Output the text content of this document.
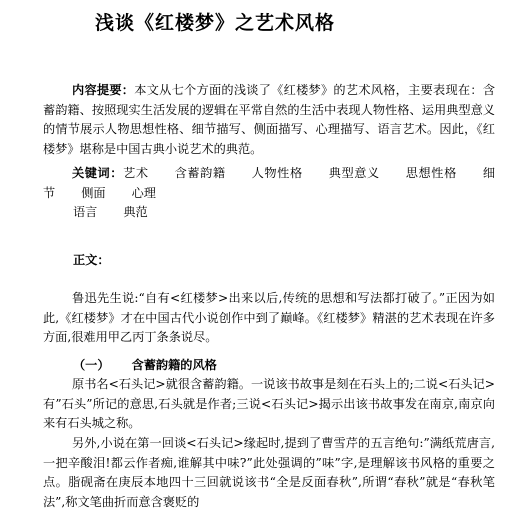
浅谈《红楼梦》之艺术风格
内容提要：本文从七个方面的浅谈了《红楼梦》的艺术风格，主要表现在：含蓄韵籍、按照现实生活发展的逻辑在平常自然的生活中表现人物性格、运用典型意义的情节展示人物思想性格、细节描写、侧面描写、心理描写、语言艺术。因此，《红楼梦》堪称是中国古典小说艺术的典范。
关键词：艺术 含蓄韵籍 人物性格 典型意义 思想性格 细节 侧面 心理
语言 典范
正文：
鲁迅先生说:“自有<红楼梦>出来以后,传统的思想和写法都打破了。”正因为如此,《红楼梦》才在中国古代小说创作中到了巅峰。《红楼梦》精湛的艺术表现在许多方面,很难用甲乙丙丁条条说尽。
（一） 含蓄韵籍的风格
原书名<石头记>就很含蓄韵籍。一说该书故事是刻在石头上的;二说<石头记>有”石头”所记的意思,石头就是作者;三说<石头记>揭示出该书故事发在南京,南京向来有石头城之称。
另外,小说在第一回谈<石头记>缘起时,提到了曹雪芹的五言绝句:”满纸荒唐言,一把辛酸泪!都云作者痴,谁解其中味?”此处强调的”味”字,是理解该书风格的重要之点。脂砚斋在庚辰本地四十三回就说该书“全是反面春秋”,所谓“春秋”就是“春秋笔法”,称文笔曲折而意含褒贬的
